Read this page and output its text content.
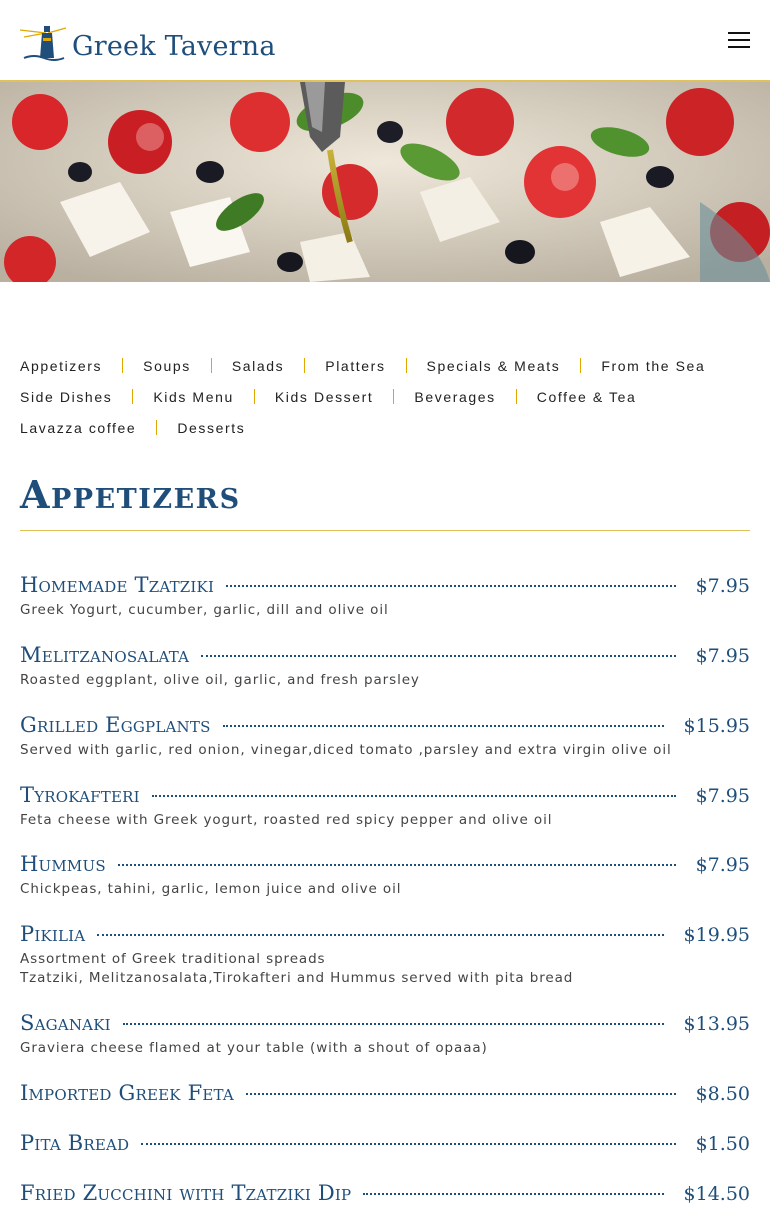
Greek Taverna
Appetizers	Soups	Salads	Platters	Specials & Meats	From the Sea
Side Dishes	Kids Menu	Kids Dessert	Beverages	Coffee & Tea
Lavazza coffee	Desserts
Appetizers
Homemade Tzatziki	$7.95
Greek Yogurt, cucumber, garlic, dill and olive oil
Melitzanosalata	$7.95
Roasted eggplant, olive oil, garlic, and fresh parsley
Grilled Eggplants	$15.95
Served with garlic, red onion, vinegar,diced tomato ,parsley and extra virgin olive oil
Tyrokafteri	$7.95
Feta cheese with Greek yogurt, roasted red spicy pepper and olive oil
Hummus	$7.95
Chickpeas, tahini, garlic, lemon juice and olive oil
Pikilia	$19.95
Assortment of Greek traditional spreads
Tzatziki, Melitzanosalata,Tirokafteri and Hummus served with pita bread
Saganaki	$13.95
Graviera cheese flamed at your table (with a shout of opaaa)
Imported Greek Feta	$8.50
Pita Bread	$1.50
Fried Zucchini with Tzatziki Dip	$14.50
